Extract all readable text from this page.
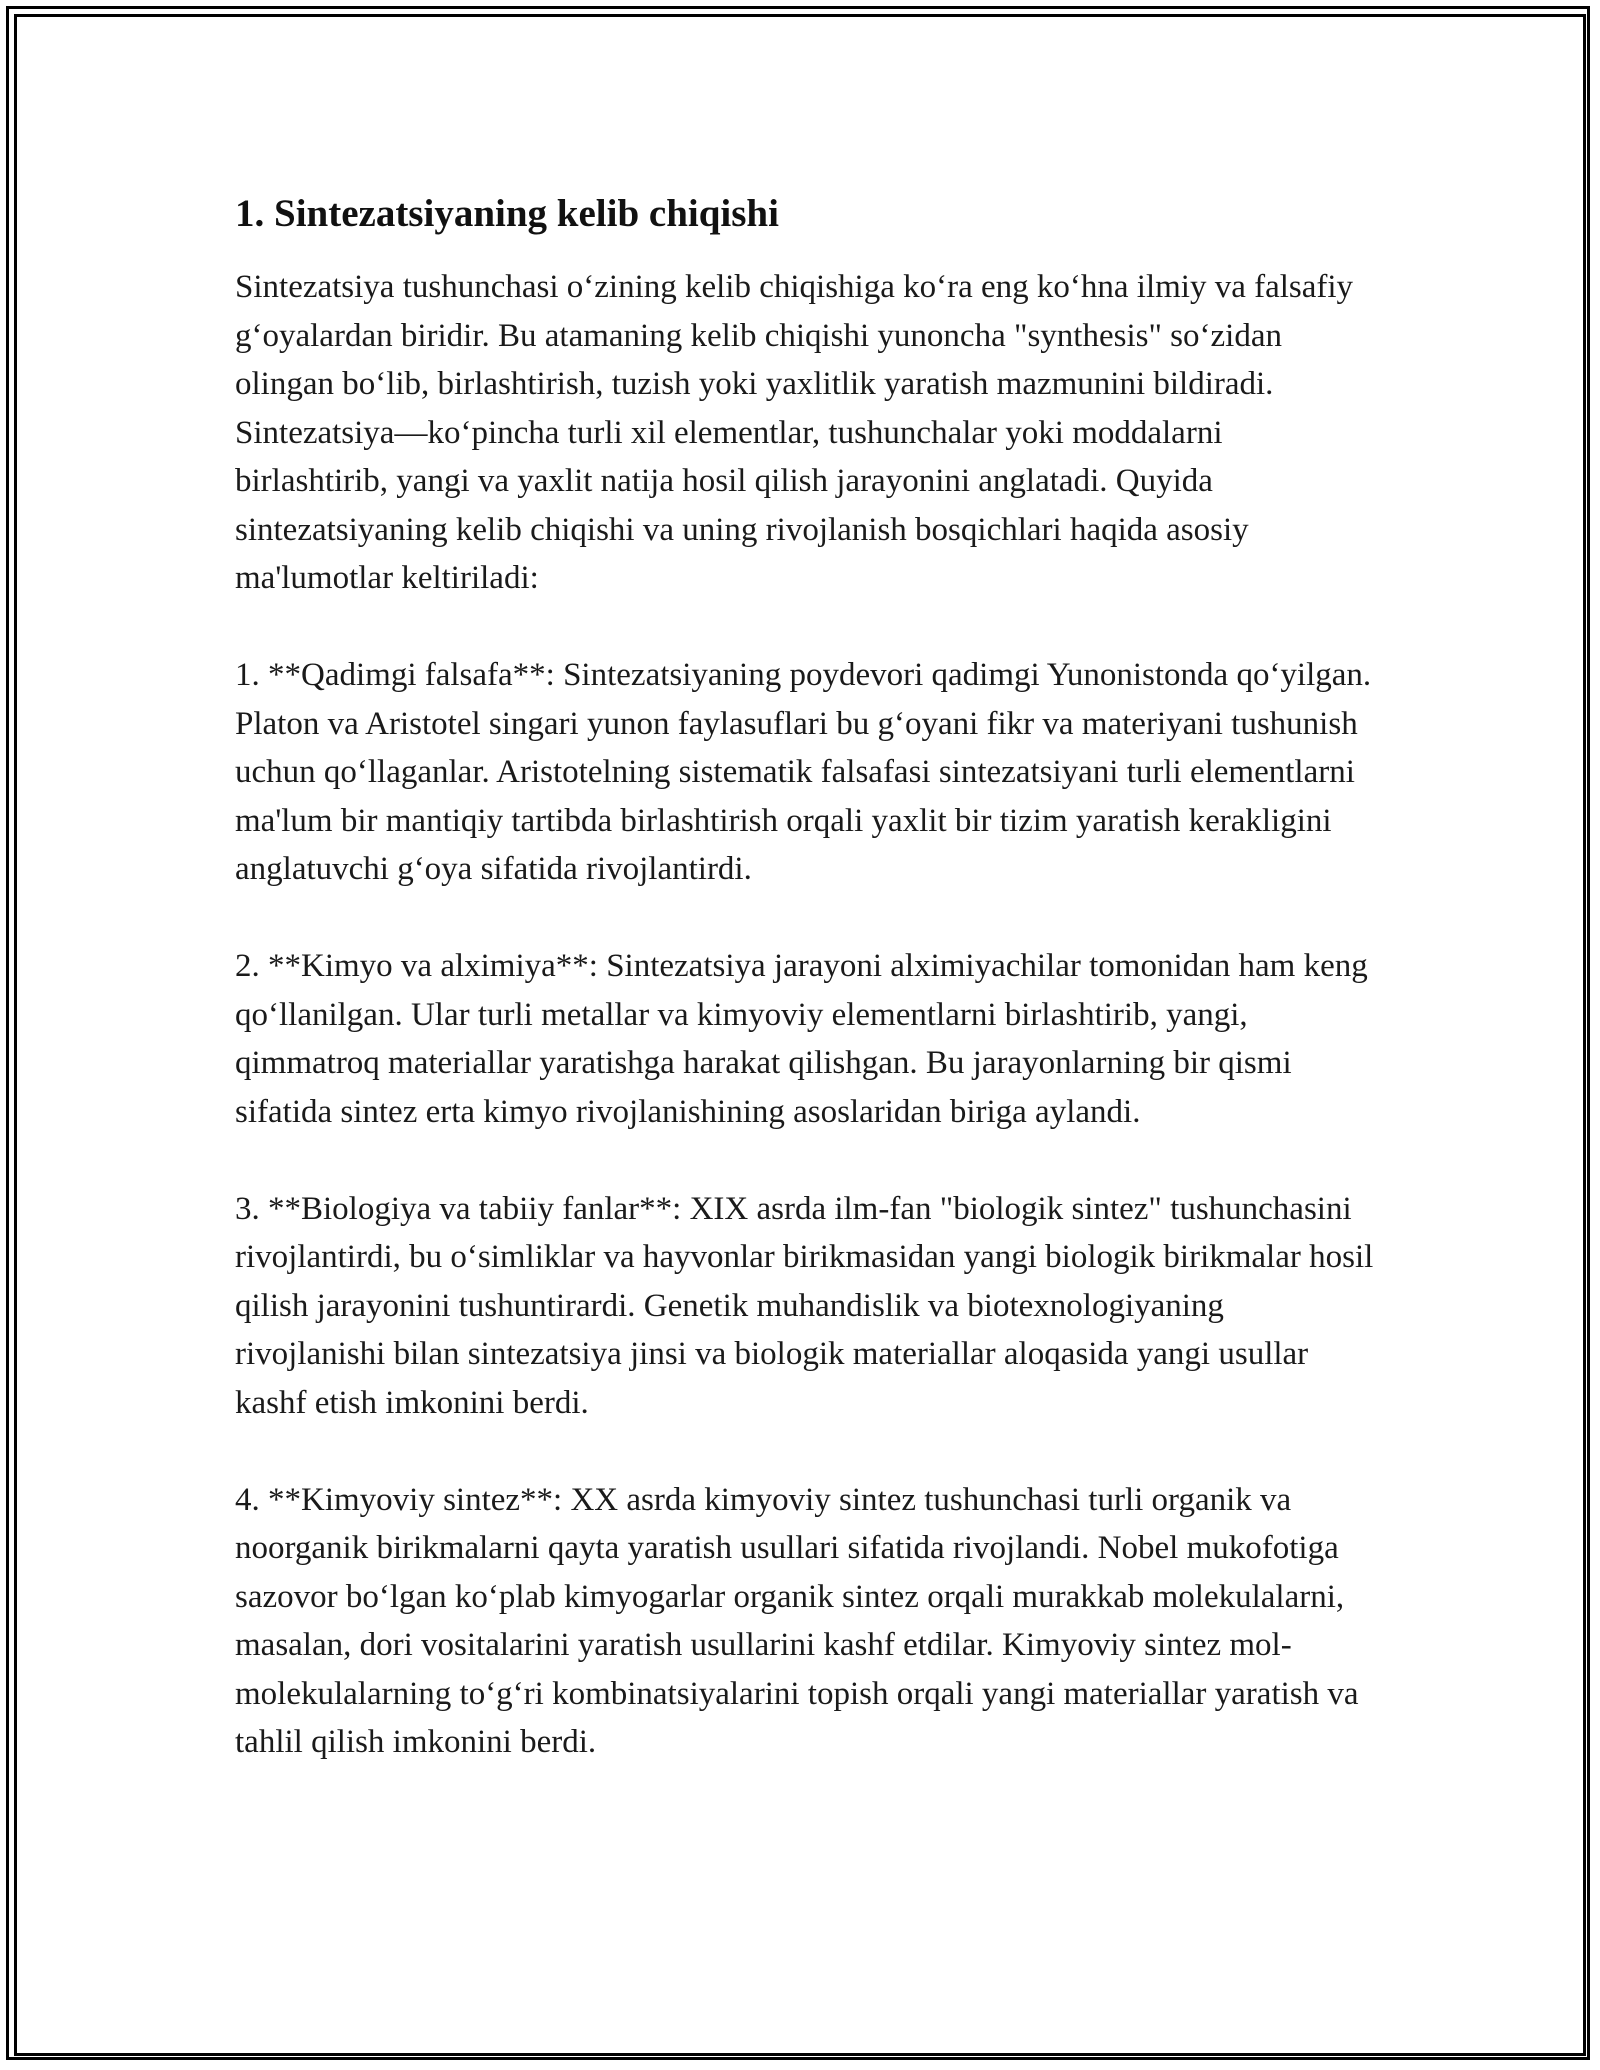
1. Sintezatsiyaning kelib chiqishi

Sintezatsiya tushunchasi o‘zining kelib chiqishiga ko‘ra eng ko‘hna ilmiy va falsafiy g‘oyalardan biridir. Bu atamaning kelib chiqishi yunoncha "synthesis" so‘zidan olingan bo‘lib, birlashtirish, tuzish yoki yaxlitlik yaratish mazmunini bildiradi. Sintezatsiya—ko‘pincha turli xil elementlar, tushunchalar yoki moddalarni birlashtirib, yangi va yaxlit natija hosil qilish jarayonini anglatadi. Quyida sintezatsiyaning kelib chiqishi va uning rivojlanish bosqichlari haqida asosiy ma'lumotlar keltiriladi:

1. **Qadimgi falsafa**: Sintezatsiyaning poydevori qadimgi Yunonistonda qo‘yilgan. Platon va Aristotel singari yunon faylasuflari bu g‘oyani fikr va materiyani tushunish uchun qo‘llaganlar. Aristotelning sistematik falsafasi sintezatsiyani turli elementlarni ma'lum bir mantiqiy tartibda birlashtirish orqali yaxlit bir tizim yaratish kerakligini anglatuvchi g‘oya sifatida rivojlantirdi.

2. **Kimyo va alximiya**: Sintezatsiya jarayoni alximiyachilar tomonidan ham keng qo‘llanilgan. Ular turli metallar va kimyoviy elementlarni birlashtirib, yangi, qimmatroq materiallar yaratishga harakat qilishgan. Bu jarayonlarning bir qismi sifatida sintez erta kimyo rivojlanishining asoslaridan biriga aylandi.

3. **Biologiya va tabiiy fanlar**: XIX asrda ilm-fan "biologik sintez" tushunchasini rivojlantirdi, bu o‘simliklar va hayvonlar birikmasidan yangi biologik birikmalar hosil qilish jarayonini tushuntirardi. Genetik muhandislik va biotexnologiyaning rivojlanishi bilan sintezatsiya jinsi va biologik materiallar aloqasida yangi usullar kashf etish imkonini berdi.

4. **Kimyoviy sintez**: XX asrda kimyoviy sintez tushunchasi turli organik va noorganik birikmalarni qayta yaratish usullari sifatida rivojlandi. Nobel mukofotiga sazovor bo‘lgan ko‘plab kimyogarlar organik sintez orqali murakkab molekulalarni, masalan, dori vositalarini yaratish usullarini kashf etdilar. Kimyoviy sintez mol-molekulalarning to‘g‘ri kombinatsiyalarini topish orqali yangi materiallar yaratish va tahlil qilish imkonini berdi.
